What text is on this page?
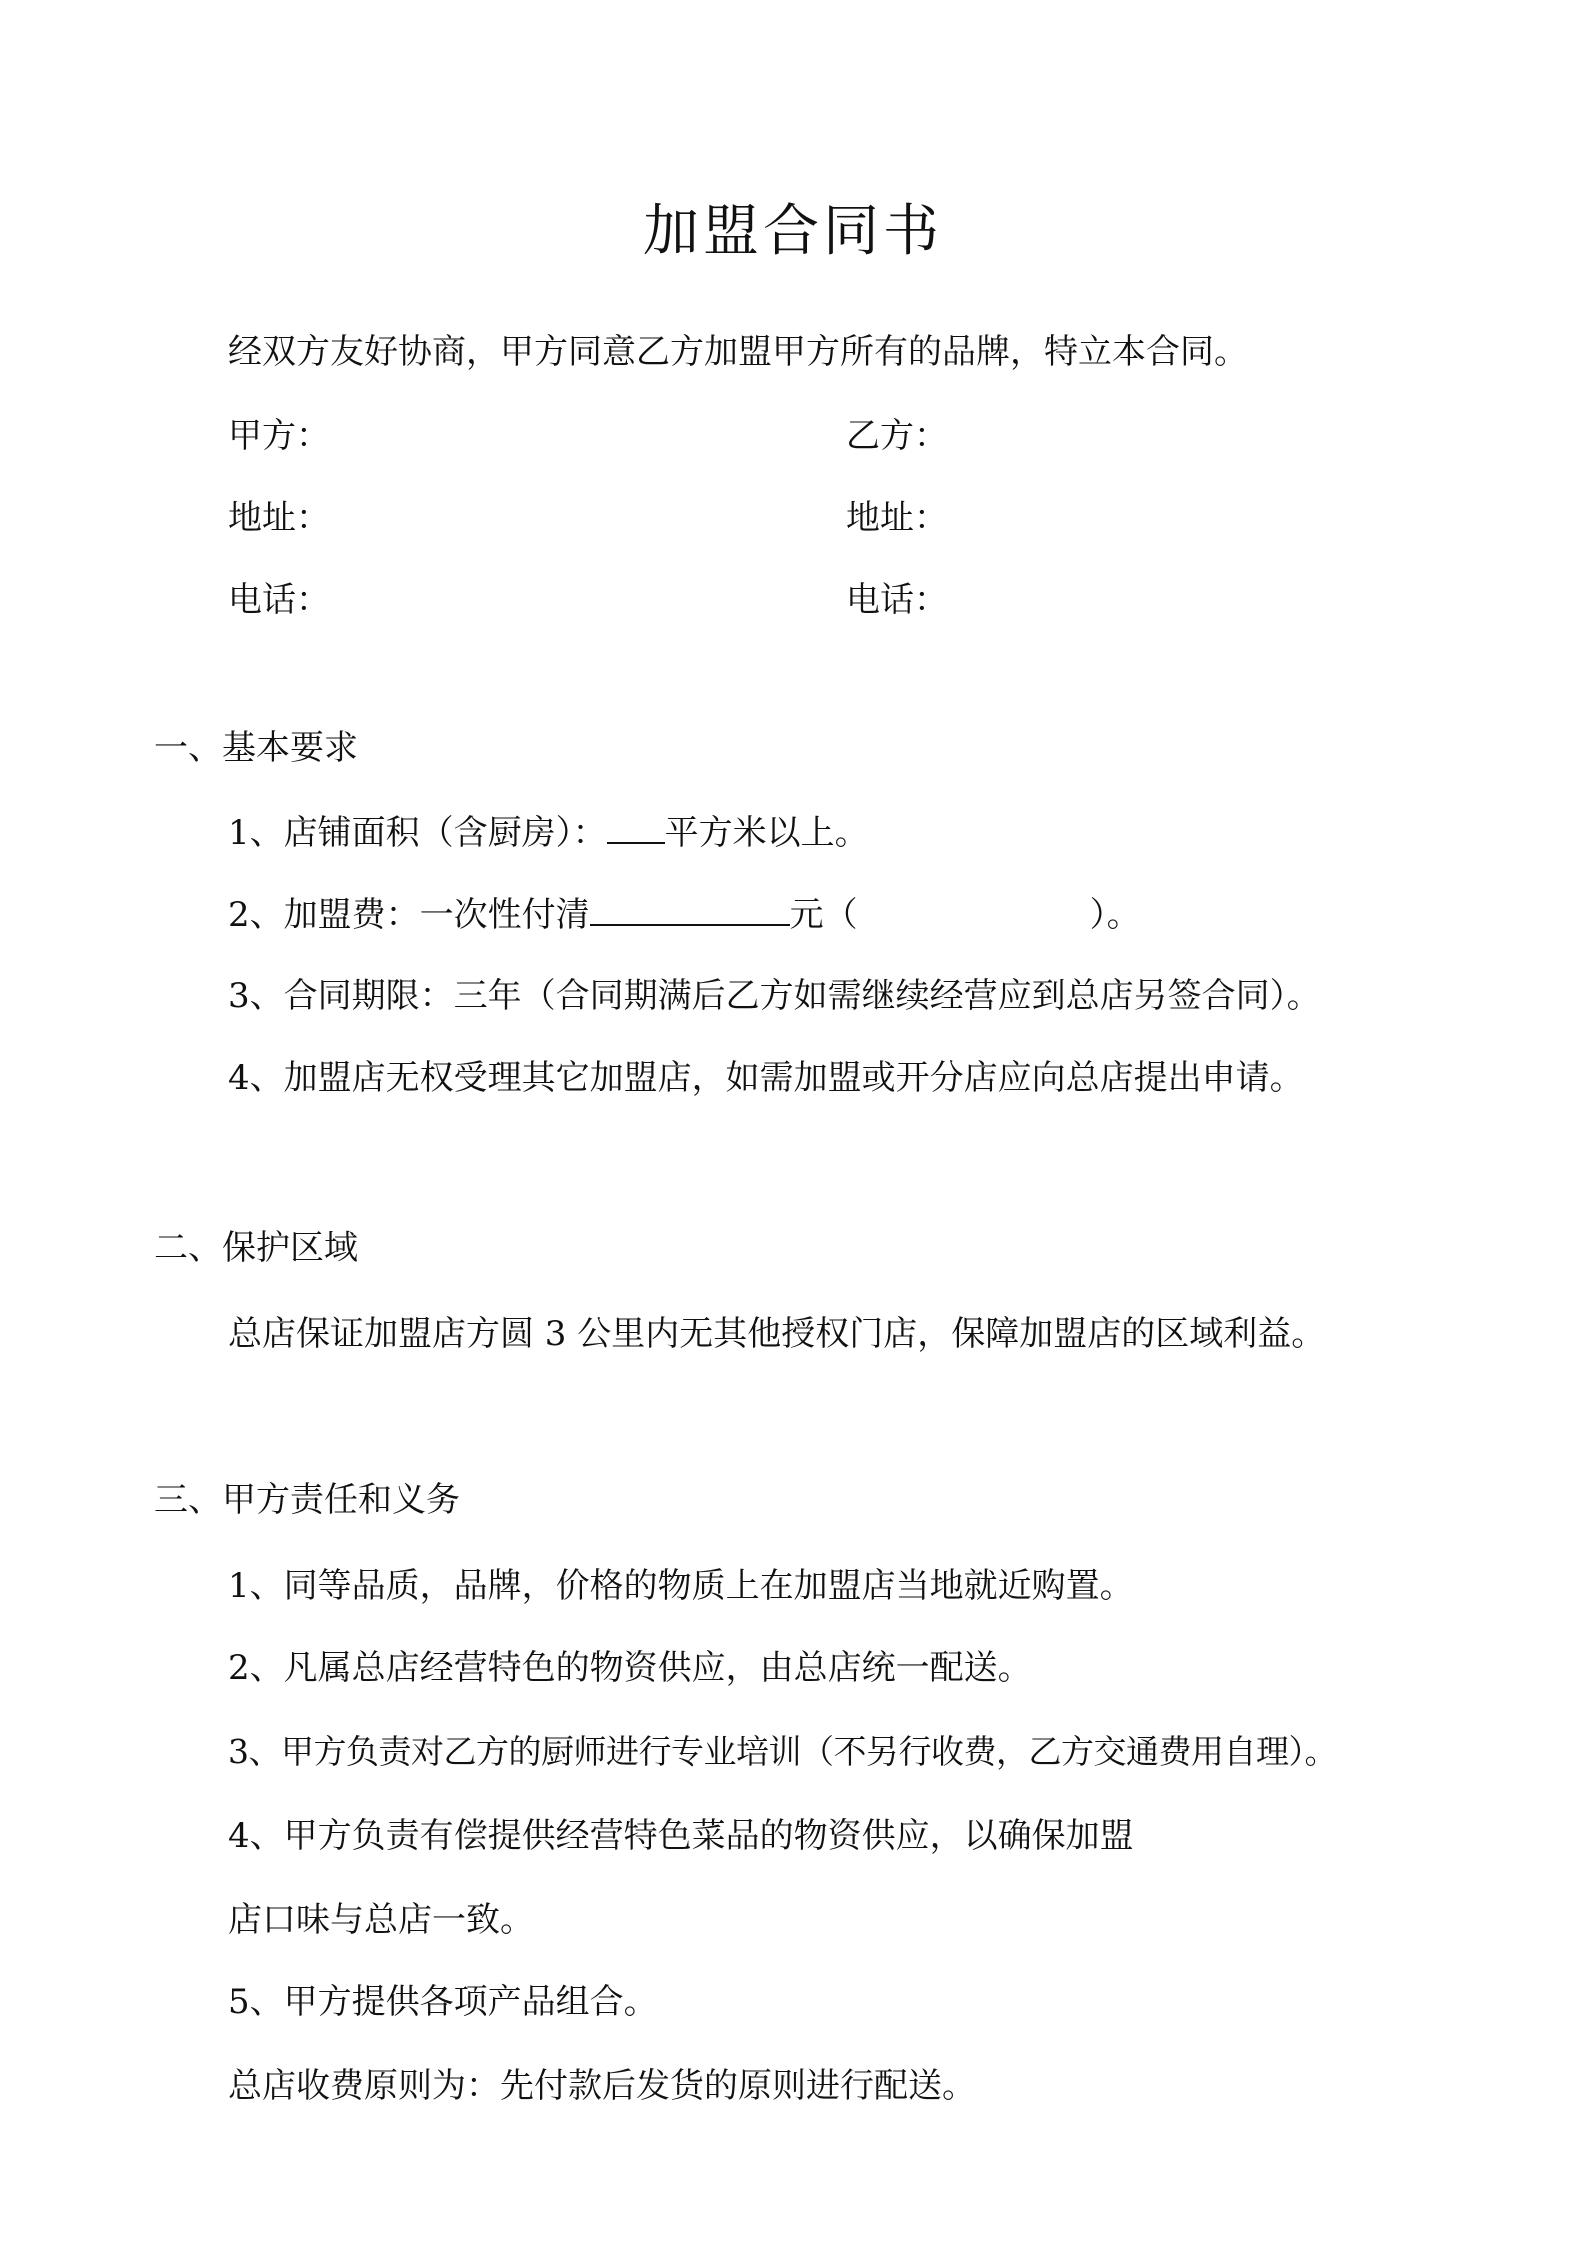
加盟合同书
经双方友好协商，甲方同意乙方加盟甲方所有的品牌，特立本合同。
甲方：	乙方：
地址：	地址：
电话：	电话：
一、基本要求
1、店铺面积（含厨房）： 平方米以上。
2、加盟费：一次性付清	元（	）。
3、合同期限：三年（合同期满后乙方如需继续经营应到总店另签合同）。
4、加盟店无权受理其它加盟店，如需加盟或开分店应向总店提出申请。
二、保护区域
总店保证加盟店方圆 3 公里内无其他授权门店，保障加盟店的区域利益。
三、甲方责任和义务
1、同等品质，品牌，价格的物质上在加盟店当地就近购置。
2、凡属总店经营特色的物资供应，由总店统一配送。
3、甲方负责对乙方的厨师进行专业培训（不另行收费，乙方交通费用自理）。
4、甲方负责有偿提供经营特色菜品的物资供应，以确保加盟
店口味与总店一致。
5、甲方提供各项产品组合。
总店收费原则为：先付款后发货的原则进行配送。
